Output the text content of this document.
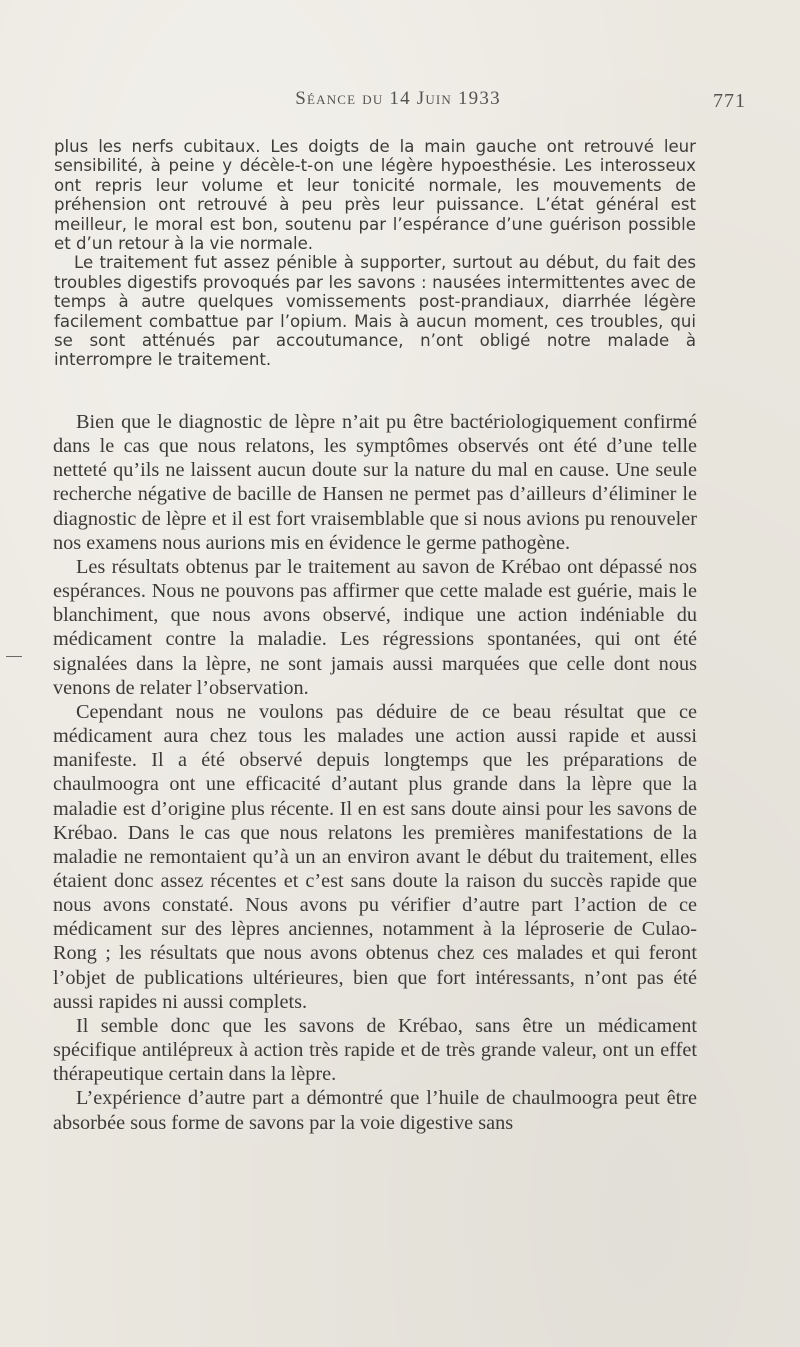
Séance du 14 Juin 1933	771

plus les nerfs cubitaux. Les doigts de la main gauche ont retrouvé leur sensibilité, à peine y décèle-t-on une légère hypoesthésie. Les interosseux ont repris leur volume et leur tonicité normale, les mouvements de préhension ont retrouvé à peu près leur puissance. L’état général est meilleur, le moral est bon, soutenu par l’espérance d’une guérison possible et d’un retour à la vie normale.

Le traitement fut assez pénible à supporter, surtout au début, du fait des troubles digestifs provoqués par les savons : nausées intermittentes avec de temps à autre quelques vomissements post-prandiaux, diarrhée légère facilement combattue par l’opium. Mais à aucun moment, ces troubles, qui se sont atténués par accoutumance, n’ont obligé notre malade à interrompre le traitement.

Bien que le diagnostic de lèpre n’ait pu être bactériologiquement confirmé dans le cas que nous relatons, les symptômes observés ont été d’une telle netteté qu’ils ne laissent aucun doute sur la nature du mal en cause. Une seule recherche négative de bacille de Hansen ne permet pas d’ailleurs d’éliminer le diagnostic de lèpre et il est fort vraisemblable que si nous avions pu renouveler nos examens nous aurions mis en évidence le germe pathogène.

Les résultats obtenus par le traitement au savon de Krébao ont dépassé nos espérances. Nous ne pouvons pas affirmer que cette malade est guérie, mais le blanchiment, que nous avons observé, indique une action indéniable du médicament contre la maladie. Les régressions spontanées, qui ont été signalées dans la lèpre, ne sont jamais aussi marquées que celle dont nous venons de relater l’observation.

Cependant nous ne voulons pas déduire de ce beau résultat que ce médicament aura chez tous les malades une action aussi rapide et aussi manifeste. Il a été observé depuis longtemps que les préparations de chaulmoogra ont une efficacité d’autant plus grande dans la lèpre que la maladie est d’origine plus récente. Il en est sans doute ainsi pour les savons de Krébao. Dans le cas que nous relatons les premières manifestations de la maladie ne remontaient qu’à un an environ avant le début du traitement, elles étaient donc assez récentes et c’est sans doute la raison du succès rapide que nous avons constaté. Nous avons pu vérifier d’autre part l’action de ce médicament sur des lèpres anciennes, notamment à la léproserie de Culao-Rong ; les résultats que nous avons obtenus chez ces malades et qui feront l’objet de publications ultérieures, bien que fort intéressants, n’ont pas été aussi rapides ni aussi complets.

Il semble donc que les savons de Krébao, sans être un médicament spécifique antilépreux à action très rapide et de très grande valeur, ont un effet thérapeutique certain dans la lèpre.

L’expérience d’autre part a démontré que l’huile de chaulmoogra peut être absorbée sous forme de savons par la voie digestive sans
